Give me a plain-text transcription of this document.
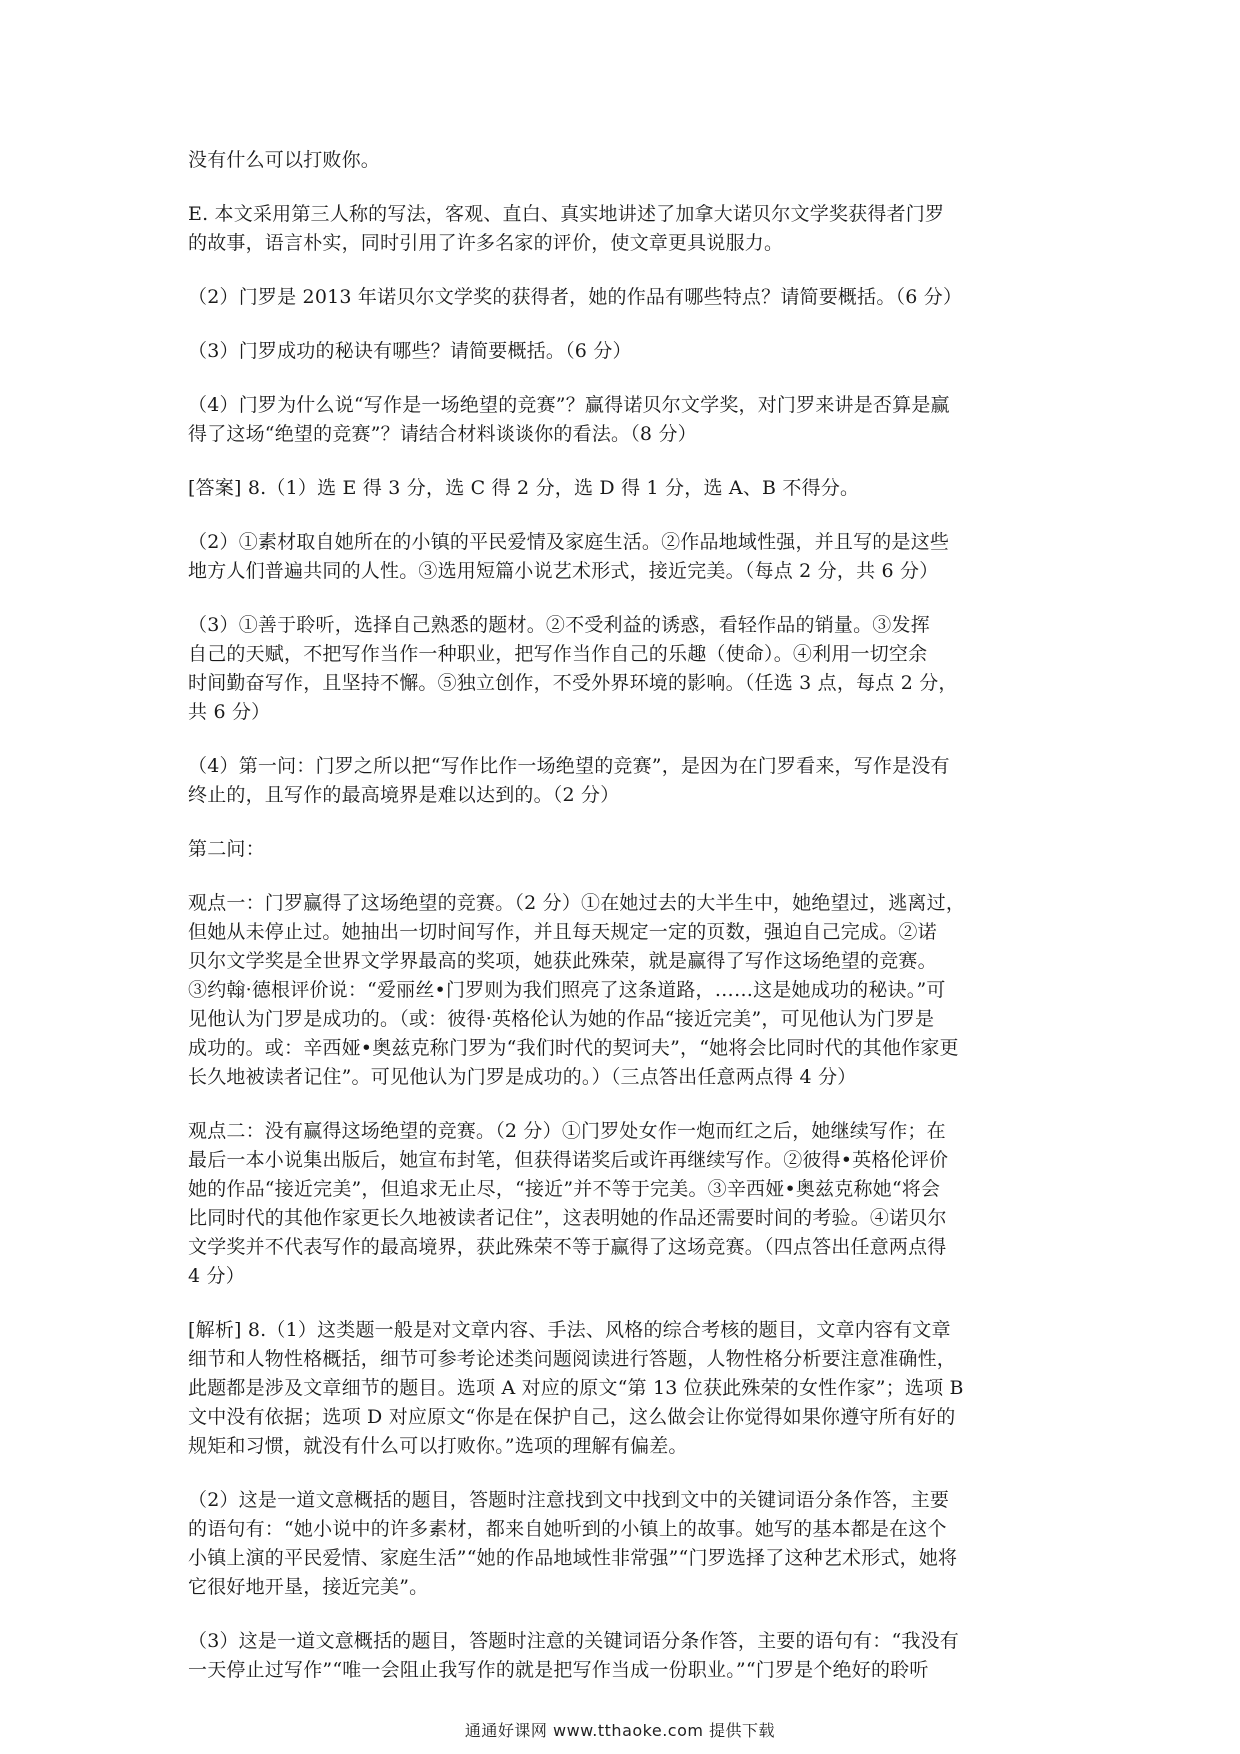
没有什么可以打败你。
E. 本文采用第三人称的写法，客观、直白、真实地讲述了加拿大诺贝尔文学奖获得者门罗
的故事，语言朴实，同时引用了许多名家的评价，使文章更具说服力。
（2）门罗是 2013 年诺贝尔文学奖的获得者，她的作品有哪些特点？请简要概括。（6 分）
（3）门罗成功的秘诀有哪些？请简要概括。（6 分）
（4）门罗为什么说“写作是一场绝望的竞赛”？赢得诺贝尔文学奖，对门罗来讲是否算是赢
得了这场“绝望的竞赛”？请结合材料谈谈你的看法。（8 分）
[答案] 8.（1）选 E 得 3 分，选 C 得 2 分，选 D 得 1 分，选 A、B 不得分。
（2）①素材取自她所在的小镇的平民爱情及家庭生活。②作品地域性强，并且写的是这些
地方人们普遍共同的人性。③选用短篇小说艺术形式，接近完美。（每点 2 分，共 6 分）
（3）①善于聆听，选择自己熟悉的题材。②不受利益的诱惑，看轻作品的销量。③发挥
自己的天赋，不把写作当作一种职业，把写作当作自己的乐趣（使命）。④利用一切空余
时间勤奋写作，且坚持不懈。⑤独立创作，不受外界环境的影响。（任选 3 点，每点 2 分，
共 6 分）
（4）第一问：门罗之所以把“写作比作一场绝望的竞赛”，是因为在门罗看来，写作是没有
终止的，且写作的最高境界是难以达到的。（2 分）
第二问：
观点一：门罗赢得了这场绝望的竞赛。（2 分）①在她过去的大半生中，她绝望过，逃离过，
但她从未停止过。她抽出一切时间写作，并且每天规定一定的页数，强迫自己完成。②诺
贝尔文学奖是全世界文学界最高的奖项，她获此殊荣，就是赢得了写作这场绝望的竞赛。
③约翰·德根评价说：“爱丽丝•门罗则为我们照亮了这条道路，……这是她成功的秘诀。”可
见他认为门罗是成功的。（或：彼得·英格伦认为她的作品“接近完美”，可见他认为门罗是
成功的。或：辛西娅•奥兹克称门罗为“我们时代的契诃夫”，“她将会比同时代的其他作家更
长久地被读者记住”。可见他认为门罗是成功的。）（三点答出任意两点得 4 分）
观点二：没有赢得这场绝望的竞赛。（2 分）①门罗处女作一炮而红之后，她继续写作；在
最后一本小说集出版后，她宣布封笔，但获得诺奖后或许再继续写作。②彼得•英格伦评价
她的作品“接近完美”，但追求无止尽，“接近”并不等于完美。③辛西娅•奥兹克称她“将会
比同时代的其他作家更长久地被读者记住”，这表明她的作品还需要时间的考验。④诺贝尔
文学奖并不代表写作的最高境界，获此殊荣不等于赢得了这场竞赛。（四点答出任意两点得
4 分）
[解析] 8.（1）这类题一般是对文章内容、手法、风格的综合考核的题目，文章内容有文章
细节和人物性格概括，细节可参考论述类问题阅读进行答题，人物性格分析要注意准确性，
此题都是涉及文章细节的题目。选项 A 对应的原文“第 13 位获此殊荣的女性作家”；选项 B
文中没有依据；选项 D 对应原文“你是在保护自己，这么做会让你觉得如果你遵守所有好的
规矩和习惯，就没有什么可以打败你。”选项的理解有偏差。
（2）这是一道文意概括的题目，答题时注意找到文中找到文中的关键词语分条作答，主要
的语句有：“她小说中的许多素材，都来自她听到的小镇上的故事。她写的基本都是在这个
小镇上演的平民爱情、家庭生活”“她的作品地域性非常强”“门罗选择了这种艺术形式，她将
它很好地开垦，接近完美”。
（3）这是一道文意概括的题目，答题时注意的关键词语分条作答，主要的语句有：“我没有
一天停止过写作”“唯一会阻止我写作的就是把写作当成一份职业。”“门罗是个绝好的聆听
通通好课网 www.tthaoke.com 提供下载
